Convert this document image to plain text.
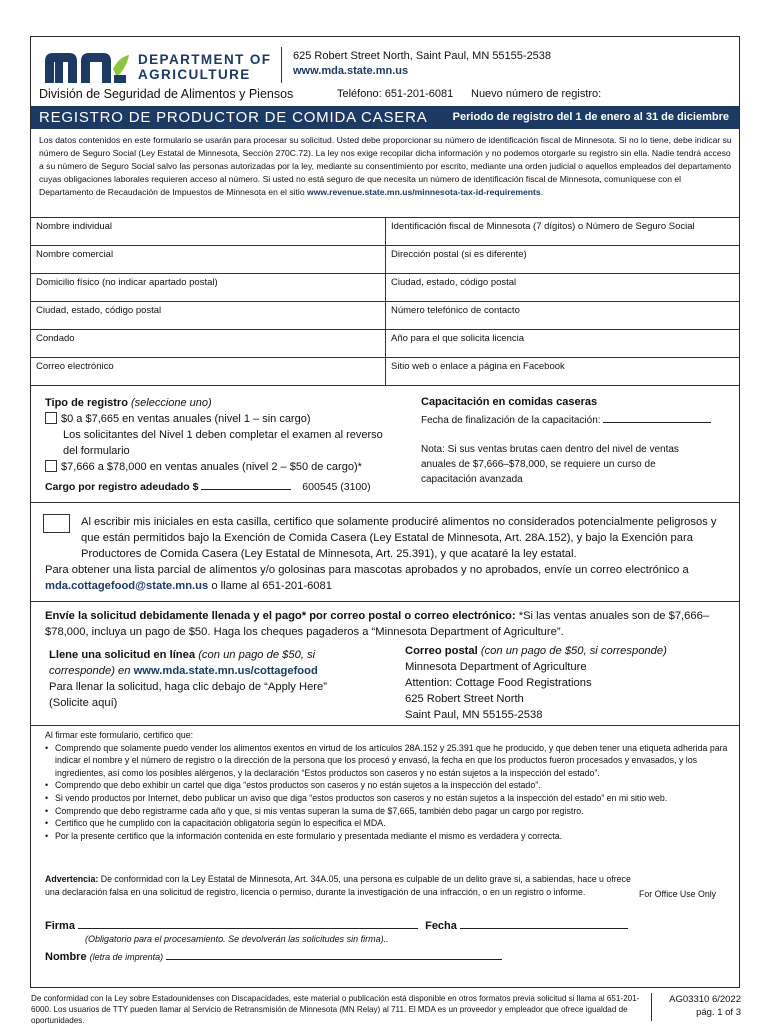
DEPARTMENT OF
AGRICULTURE
625 Robert Street North, Saint Paul, MN 55155-2538
www.mda.state.mn.us
División de Seguridad de Alimentos y Piensos	Teléfono: 651-201-6081 Nuevo número de registro:
REGISTRO DE PRODUCTOR DE COMIDA CASERA Periodo de registro del 1 de enero al 31 de diciembre
Los datos contenidos en este formulario se usarán para procesar su solicitud. Usted debe proporcionar su número de identificación fiscal de Minnesota. Si no lo tiene, debe indicar su número de Seguro Social (Ley Estatal de Minnesota, Sección 270C.72). La ley nos exige recopilar dicha información y no podemos otorgarle su registro sin ella. Nadie tendrá acceso a su número de Seguro Social salvo las personas autorizadas por la ley, mediante su consentimiento por escrito, mediante una orden judicial o aquellos empleados del departamento cuyas obligaciones laborales requieren acceso al número. Si usted no está seguro de que necesita un número de identificación fiscal de Minnesota, comuníquese con el Departamento de Recaudación de Impuestos de Minnesota en el sitio www.revenue.state.mn.us/minnesota-tax-id-requirements.
Nombre individual	Identificación fiscal de Minnesota (7 dígitos) o Número de Seguro Social
Nombre comercial	Dirección postal (si es diferente)
Domicilio físico (no indicar apartado postal)	Ciudad, estado, código postal
Ciudad, estado, código postal	Número telefónico de contacto
Condado	Año para el que solicita licencia
Correo electrónico	Sitio web o enlace a página en Facebook
Tipo de registro (seleccione uno)
$0 a $7,665 en ventas anuales (nivel 1 – sin cargo)
Los solicitantes del Nivel 1 deben completar el examen al reverso del formulario
$7,666 a $78,000 en ventas anuales (nivel 2 – $50 de cargo)*
Cargo por registro adeudado $	600545 (3100)
Capacitación en comidas caseras
Fecha de finalización de la capacitación:
Nota: Si sus ventas brutas caen dentro del nivel de ventas anuales de $7,666–$78,000, se requiere un curso de capacitación avanzada
Al escribir mis iniciales en esta casilla, certifico que solamente produciré alimentos no considerados potencialmente peligrosos y que están permitidos bajo la Exención de Comida Casera (Ley Estatal de Minnesota, Art. 28A.152), y bajo la Exención para Productores de Comida Casera (Ley Estatal de Minnesota, Art. 25.391), y que acataré la ley estatal.
Para obtener una lista parcial de alimentos y/o golosinas para mascotas aprobados y no aprobados, envíe un correo electrónico a mda.cottagefood@state.mn.us o llame al 651-201-6081
Envíe la solicitud debidamente llenada y el pago* por correo postal o correo electrónico: *Si las ventas anuales son de $7,666–$78,000, incluya un pago de $50. Haga los cheques pagaderos a “Minnesota Department of Agriculture”.
Llene una solicitud en línea (con un pago de $50, si corresponde) en www.mda.state.mn.us/cottagefood
Para llenar la solicitud, haga clic debajo de “Apply Here” (Solicite aquí)
Correo postal (con un pago de $50, si corresponde)
Minnesota Department of Agriculture
Attention: Cottage Food Registrations
625 Robert Street North
Saint Paul, MN 55155-2538
Al firmar este formulario, certifico que:
• Comprendo que solamente puedo vender los alimentos exentos en virtud de los artículos 28A.152 y 25.391 que he producido, y que deben tener una etiqueta adherida para indicar el nombre y el número de registro o la dirección de la persona que los procesó y envasó, la fecha en que los productos fueron procesados y envasados, y los ingredientes, así como los posibles alérgenos, y la declaración “Estos productos son caseros y no están sujetos a la inspección del estado”.
• Comprendo que debo exhibir un cartel que diga “estos productos son caseros y no están sujetos a la inspección del estado”.
• Si vendo productos por Internet, debo publicar un aviso que diga “estos productos son caseros y no están sujetos a la inspección del estado” en mi sitio web.
• Comprendo que debo registrarme cada año y que, si mis ventas superan la suma de $7,665, también debo pagar un cargo por registro.
• Certifico que he cumplido con la capacitación obligatoria según lo especifica el MDA.
• Por la presente certifico que la información contenida en este formulario y presentada mediante el mismo es verdadera y correcta.
Advertencia: De conformidad con la Ley Estatal de Minnesota, Art. 34A.05, una persona es culpable de un delito grave si, a sabiendas, hace u ofrece una declaración falsa en una solicitud de registro, licencia o permiso, durante la investigación de una infracción, o en un registro o informe.	For Office Use Only
Firma	Fecha
(Obligatorio para el procesamiento. Se devolverán las solicitudes sin firma)..
Nombre (letra de imprenta)
De conformidad con la Ley sobre Estadounidenses con Discapacidades, este material o publicación está disponible en otros formatos previa solicitud si llama al 651-201-6000. Los usuarios de TTY pueden llamar al Servicio de Retransmisión de Minnesota (MN Relay) al 711. El MDA es un proveedor y empleador que ofrece igualdad de oportunidades.
AG03310 6/2022
pág. 1 of 3
